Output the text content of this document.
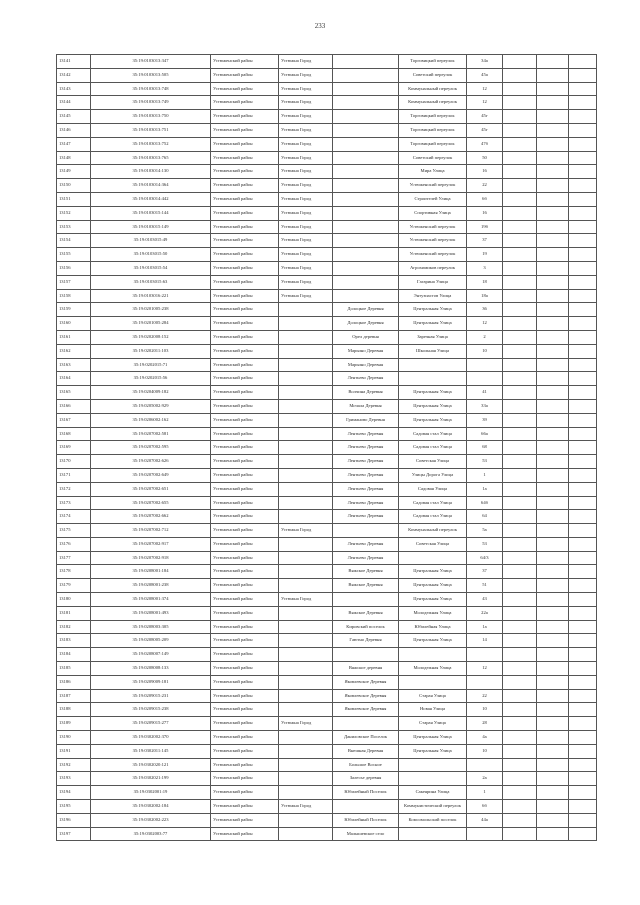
233
13141	35:19:0103013:347	Устюженский район	Устюжна Город		Торговицкий переулок	34а			
13142	35:19:0103013:505	Устюженский район	Устюжна Город		Советский переулок	45а			
13143	35:19:0103013:748	Устюженский район	Устюжна Город		Коммунальный переулок	12			
13144	35:19:0103013:749	Устюженский район	Устюжна Город		Коммунальный переулок	12			
13145	35:19:0103013:750	Устюженский район	Устюжна Город		Торговицкий переулок	45г			
13146	35:19:0103013:751	Устюженский район	Устюжна Город		Торговицкий переулок	45г			
13147	35:19:0103013:752	Устюженский район	Устюжна Город		Торговицкий переулок	47б			
13148	35:19:0103013:765	Устюженский район	Устюжна Город		Советский переулок	50			
13149	35:19:0103014:130	Устюженский район	Устюжна Город		Мира Улица	16			
13150	35:19:0103014:364	Устюженский район	Устюжна Город		Устюженский переулок	22			
13151	35:19:0103014:442	Устюженский район	Устюжна Город		Строителей Улица	6б			
13152	35:19:0103015:144	Устюженский район	Устюжна Город		Спортивная Улица	16			
13153	35:19:0103015:149	Устюженский район	Устюжна Город		Устюженский переулок	19б			
13154	35:19:0103015:49	Устюженский район	Устюжна Город		Устюженский переулок	37			
13155	35:19:0103015:50	Устюженский район	Устюжна Город		Устюженский переулок	19			
13156	35:19:0103015:54	Устюженский район	Устюжна Город		Агрохимиков переулок	3			
13157	35:19:0103015:63	Устюженский район	Устюжна Город		Гагарина Улица	18			
13158	35:19:0103016:221	Устюженский район	Устюжна Город		Энтузиастов Улица	18а			
13159	35:19:0201005:238	Устюженский район		Долоцкое Деревня	Центральная Улица	36			
13160	35:19:0201005:284	Устюженский район		Долоцкое Деревня	Центральная Улица	12			
13161	35:19:0202008:152	Устюженский район		Орел деревня	Заречная Улица	2			
13162	35:19:0202011:103	Устюженский район		Марьино Деревня	Школьная Улица	10			
13163	35:19:0202015:71	Устюженский район		Марьино Деревня					
13164	35:19:0202015:56	Устюженский район		Лентьево Деревня					
13165	35:19:0204009:182	Устюженский район		Волчина Деревня	Центральная Улица	41			
13166	35:19:0205002:929	Устюженский район		Мочала Деревня	Центральная Улица	33а			
13167	35:19:0206002:162	Устюженский район		Гриманово Деревня	Центральная Улица	39			
13168	35:19:0207002:581	Устюженский район		Лентьево Деревня	Садовая стал Улица	66а			
13169	35:19:0207002:595	Устюженский район		Лентьево Деревня	Садовая стал Улица	68			
13170	35:19:0207002:626	Устюженский район		Лентьево Деревня	Советская Улица	53			
13171	35:19:0207002:649	Устюженский район		Лентьево Деревня	Улицы Дорога Улица	1			
13172	35:19:0207002:651	Устюженский район		Лентьево Деревня	Садовая Улица	1а			
13173	35:19:0207002:655	Устюженский район		Лентьево Деревня	Садовая стал Улица	64б			
13174	35:19:0207002:662	Устюженский район		Лентьево Деревня	Садовая стал Улица	64			
13175	35:19:0207002:712	Устюженский район	Устюжна Город		Коммунальный переулок	5а			
13176	35:19:0207002:917	Устюженский район		Лентьево Деревня	Советская Улица	53			
13177	35:19:0207002:918	Устюженский район		Лентьево Деревня		64/3			
13178	35:19:0208001:184	Устюженский район		Вяжское Деревня	Центральная Улица	37			
13179	35:19:0208001:238	Устюженский район		Вяжское Деревня	Центральная Улица	51			
13180	35:19:0208001:374	Устюженский район	Устюжна Город		Центральная Улица	43			
13181	35:19:0208001:493	Устюженский район		Вяжское Деревня	Молодежная Улица	22а			
13182	35:19:0208003:305	Устюженский район		Кировский поселок	Юбилейная Улица	1а			
13183	35:19:0208005:209	Устюженский район		Гаютно Деревня	Центральная Улица	14			
13184	35:19:0208007:149	Устюженский район							
13185	35:19:0208008:133	Устюженский район		Вяжское деревня	Молодежная Улица	12			
13186	35:19:0209009:181	Устюженский район		Яковлевское Деревня					
13187	35:19:0209015:231	Устюженский район		Яковлевское Деревня	Старая Улица	22			
13188	35:19:0209015:238	Устюженский район		Яковлевское Деревня	Новая Улица	10			
13189	35:19:0209015:277	Устюженский район	Устюжна Город		Старая Улица	28			
13190	35:19:0302002:370	Устюженский район		Даниловское Поселок	Центральная Улица	4а			
13191	35:19:0302011:145	Устюженский район		Внешная Деревня	Центральная Улица	10			
13192	35:19:0302020:121	Устюженский район		Большое Восное					
13193	35:19:0302021:199	Устюженский район		Залесье деревня		2а			
13194	35:19:0302001:19	Устюженский район		Юбилейный Поселок	Сакеярина Улица	1			
13195	35:19:0302002:184	Устюженский район	Устюжна Город		Коммунистический переулок	6б			
13196	35:19:0302002:223	Устюженский район		Юбилейный Поселок	Комсомольский поселок	44а			
13197	35:19:0302003:77	Устюженский район		Малышевское село					
